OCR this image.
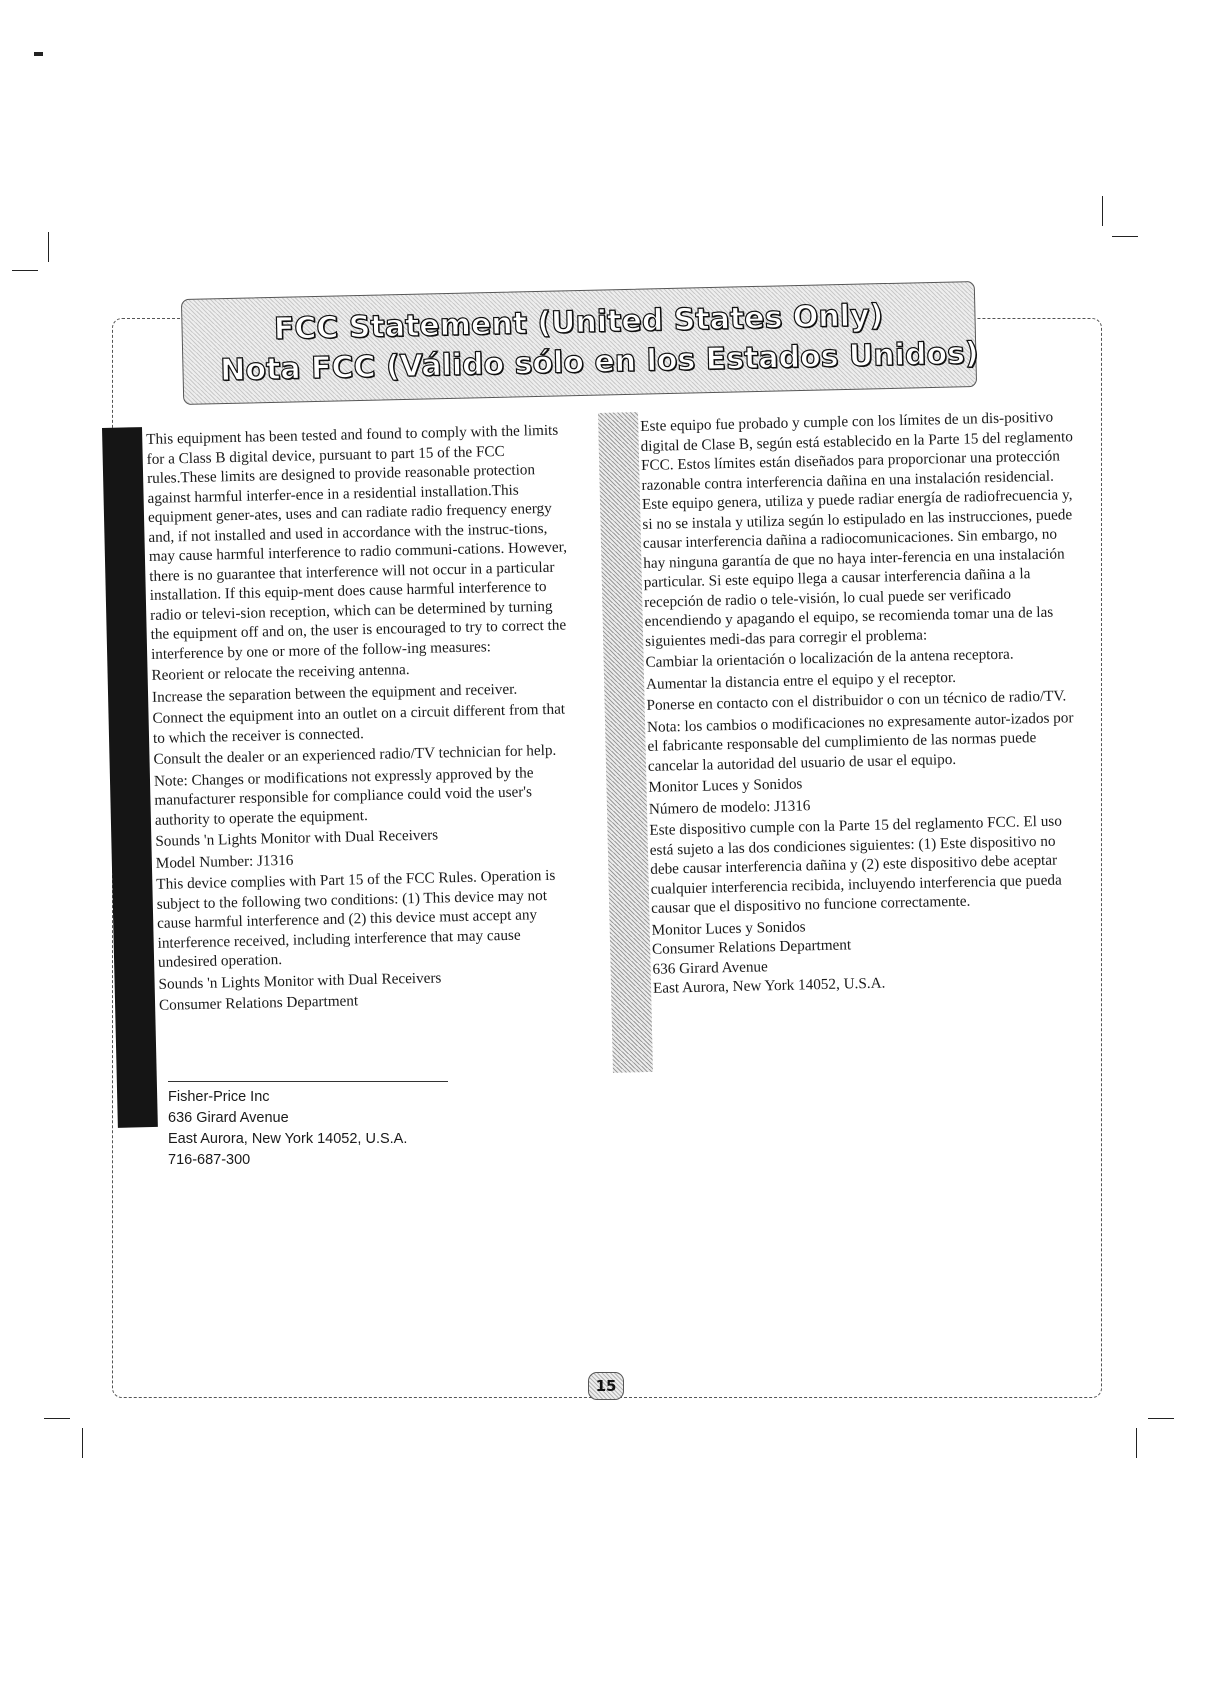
FCC Statement (United States Only)
Nota FCC (Válido sólo en los Estados Unidos)

This equipment has been tested and found to comply with the limits for a Class B digital device, pursuant to part 15 of the FCC rules.These limits are designed to provide reasonable protection against harmful interfer-ence in a residential installation.This equipment gener-ates, uses and can radiate radio frequency energy and, if not installed and used in accordance with the instruc-tions, may cause harmful interference to radio communi-cations. However, there is no guarantee that interference will not occur in a particular installation. If this equip-ment does cause harmful interference to radio or televi-sion reception, which can be determined by turning the equipment off and on, the user is encouraged to try to correct the interference by one or more of the follow-ing measures:

Reorient or relocate the receiving antenna.

Increase the separation between the equipment and receiver.

Connect the equipment into an outlet on a circuit different from that to which the receiver is connected.

Consult the dealer or an experienced radio/TV technician for help.

Note: Changes or modifications not expressly approved by the manufacturer responsible for compliance could void the user's authority to operate the equipment.

Sounds 'n Lights Monitor with Dual Receivers

Model Number: J1316

This device complies with Part 15 of the FCC Rules. Operation is subject to the following two conditions: (1) This device may not cause harmful interference and (2) this device must accept any interference received, including interference that may cause undesired operation.

Sounds 'n Lights Monitor with Dual Receivers

Consumer Relations Department

Fisher-Price Inc
636 Girard Avenue
East Aurora, New York 14052, U.S.A.
716-687-300

Este equipo fue probado y cumple con los límites de un dis-positivo digital de Clase B, según está establecido en la Parte 15 del reglamento FCC. Estos límites están diseñados para proporcionar una protección razonable contra interferencia dañina en una instalación residencial. Este equipo genera, utiliza y puede radiar energía de radiofrecuencia y, si no se instala y utiliza según lo estipulado en las instrucciones, puede causar interferencia dañina a radiocomunicaciones. Sin embargo, no hay ninguna garantía de que no haya inter-ferencia en una instalación particular. Si este equipo llega a causar interferencia dañina a la recepción de radio o tele-visión, lo cual puede ser verificado encendiendo y apagando el equipo, se recomienda tomar una de las siguientes medi-das para corregir el problema:

Cambiar la orientación o localización de la antena receptora.

Aumentar la distancia entre el equipo y el receptor.

Ponerse en contacto con el distribuidor o con un técnico de radio/TV.

Nota: los cambios o modificaciones no expresamente autor-izados por el fabricante responsable del cumplimiento de las normas puede cancelar la autoridad del usuario de usar el equipo.

Monitor Luces y Sonidos

Número de modelo: J1316

Este dispositivo cumple con la Parte 15 del reglamento FCC. El uso está sujeto a las dos condiciones siguientes: (1) Este dispositivo no debe causar interferencia dañina y (2) este dispositivo debe aceptar cualquier interferencia recibida, incluyendo interferencia que pueda causar que el dispositivo no funcione correctamente.

Monitor Luces y Sonidos

Consumer Relations Department

636 Girard Avenue

East Aurora, New York 14052, U.S.A.

15
